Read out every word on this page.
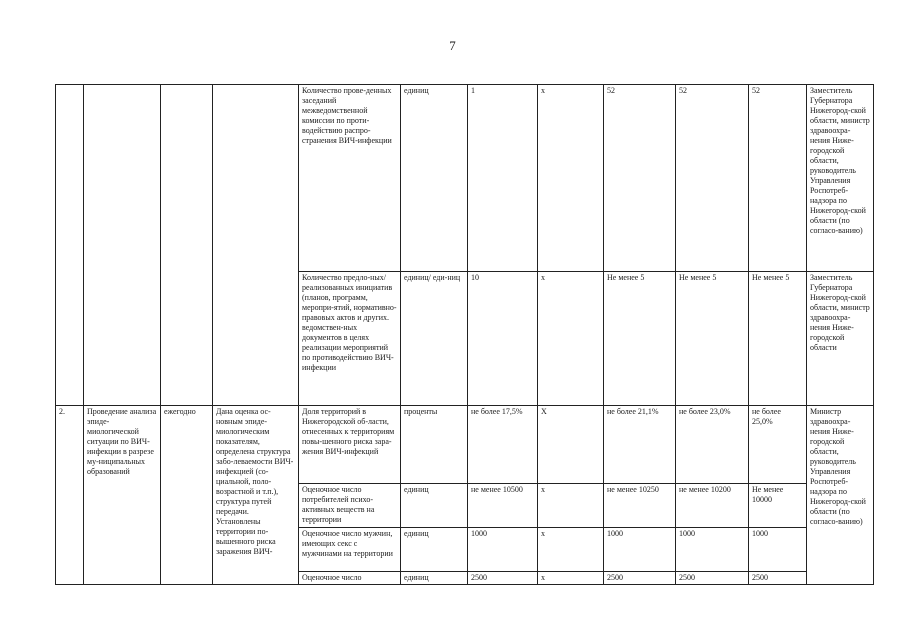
7
				Количество прове-денных заседаний межведомственной комиссии по проти-водействию распро-странения ВИЧ-инфекции	единиц	1	х	52	52	52	Заместитель Губернатора Нижегород-ской области, министр здравоохра-нения Ниже-городской области, руководитель Управления Роспотреб-надзора по Нижегород-ской области (по согласо-ванию)
				Количество предло-ных/реализованных инициатив (планов, программ, меропри-ятий, нормативно-правовых актов и других. ведомствен-ных документов в целях реализации мероприятий по противодействию ВИЧ-инфекции	единиц/ еди-ниц	10	х	Не менее 5	Не менее 5	Не менее 5	Заместитель Губернатора Нижегород-ской области, министр здравоохра-нения Ниже-городской области
2.	Проведение анализа эпиде-миологической ситуации по ВИЧ-инфекции в разрезе му-ниципальных образований	ежегодно	Дана оценка ос-новным эпиде-миологическим показателям, определена структура забо-леваемости ВИЧ-инфекцией (со-циальной, поло-возрастной и т.п.), структура путей передачи. Установлены территории по-вышенного риска заражения ВИЧ-	Доля территорий в Нижегородской об-ласти, отнесенных к территориям повы-шенного риска зара-жения ВИЧ-инфекций	проценты	не более 17,5%	Х	не более 21,1%	не более 23,0%	не более 25,0%	Министр здравоохра-нения Ниже-городской области, руководитель Управления Роспотреб-надзора по Нижегород-ской области (по согласо-ванию)
				Оценочное число потребителей психо-активных веществ на территории	единиц	не менее 10500	х	не менее 10250	не менее 10200	Не менее 10000	
				Оценочное число мужчин, имеющих секс с мужчинами на территории	единиц	1000	х	1000	1000	1000	
				Оценочное число	единиц	2500	х	2500	2500	2500	
